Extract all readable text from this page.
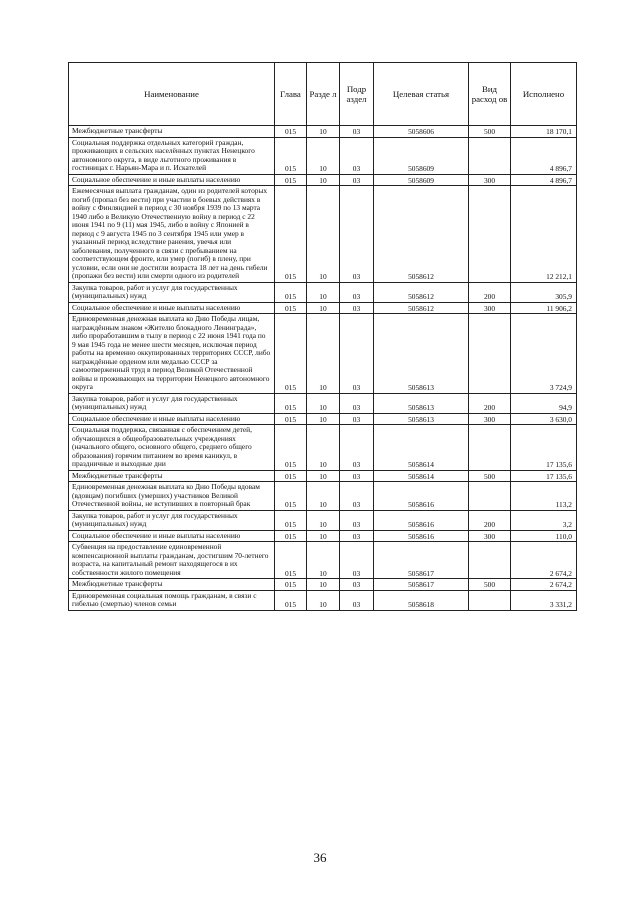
Наименование	Глава	Разде л	Подр аздел	Целевая статья	Вид расход ов	Исполнено
Межбюджетные трансферты	015	10	03	5058606	500	18 170,1
Социальная поддержка отдельных категорий граждан, проживающих в сельских населённых пунктах Ненецкого автономного округа, в виде льготного проживания в гостиницах г. Нарьян-Мара и п. Искателей	015	10	03	5058609		4 896,7
Социальное обеспечение и иные выплаты населению	015	10	03	5058609	300	4 896,7
Ежемесячная выплата гражданам, один из родителей которых погиб (пропал без вести) при участии в боевых действиях в войну с Финляндией в период с 30 ноября 1939 по 13 марта 1940 либо в Великую Отечественную войну в период с 22 июня 1941 по 9 (11) мая 1945, либо в войну с Японией в период с 9 августа 1945 по 3 сентября 1945 или умер в указанный период вследствие ранения, увечья или заболевания, полученного в связи с пребыванием на соответствующем фронте, или умер (погиб) в плену, при условии, если они не достигли возраста 18 лет на день гибели (пропажи без вести) или смерти одного из родителей	015	10	03	5058612		12 212,1
Закупка товаров, работ и услуг для государственных (муниципальных) нужд	015	10	03	5058612	200	305,9
Социальное обеспечение и иные выплаты населению	015	10	03	5058612	300	11 906,2
Единовременная денежная выплата ко Дню Победы лицам, награждённым знаком «Жителю блокадного Ленинграда», либо проработавшим в тылу в период с 22 июня 1941 года по 9 мая 1945 года не менее шести месяцев, исключая период работы на временно оккупированных территориях СССР, либо награждённые орденом или медалью СССР за самоотверженный труд в период Великой Отечественной войны и проживающих на территории Ненецкого автономного округа	015	10	03	5058613		3 724,9
Закупка товаров, работ и услуг для государственных (муниципальных) нужд	015	10	03	5058613	200	94,9
Социальное обеспечение и иные выплаты населению	015	10	03	5058613	300	3 630,0
Социальная поддержка, связанная с обеспечением детей, обучающихся в общеобразовательных учреждениях (начального общего, основного общего, среднего общего образования) горячим питанием во время каникул, в праздничные и выходные дни	015	10	03	5058614		17 135,6
Межбюджетные трансферты	015	10	03	5058614	500	17 135,6
Единовременная денежная выплата ко Дню Победы вдовам (вдовцам) погибших (умерших) участников Великой Отечественной войны, не вступивших в повторный брак	015	10	03	5058616		113,2
Закупка товаров, работ и услуг для государственных (муниципальных) нужд	015	10	03	5058616	200	3,2
Социальное обеспечение и иные выплаты населению	015	10	03	5058616	300	110,0
Субвенция на предоставление единовременной компенсационной выплаты гражданам, достигшим 70-летнего возраста, на капитальный ремонт находящегося в их собственности жилого помещения	015	10	03	5058617		2 674,2
Межбюджетные трансферты	015	10	03	5058617	500	2 674,2
Единовременная социальная помощь гражданам, в связи с гибелью (смертью) членов семьи	015	10	03	5058618		3 331,2
36
